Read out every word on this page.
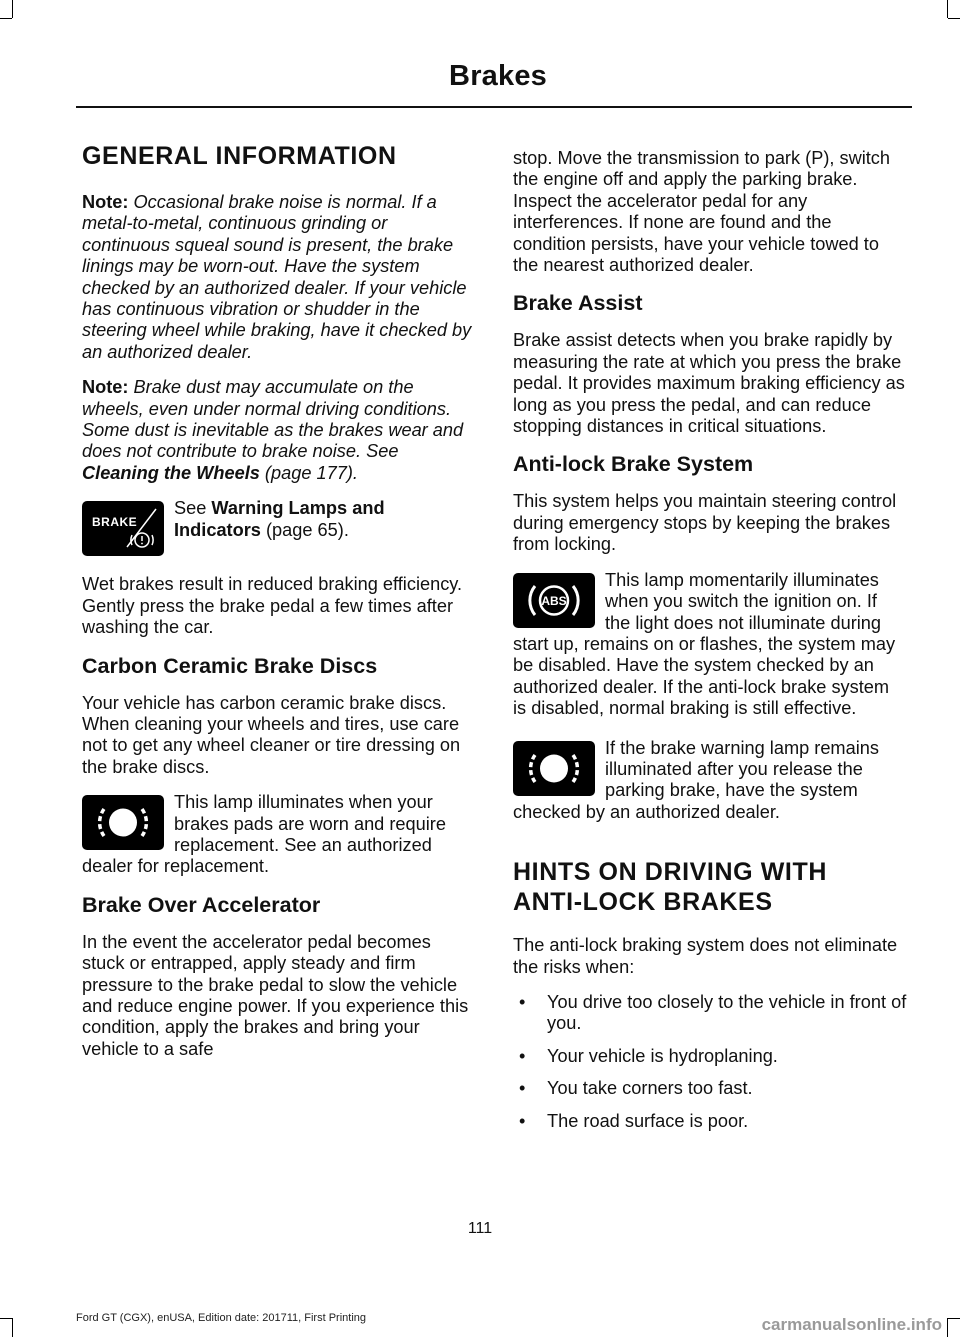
Brakes
GENERAL INFORMATION

Note: Occasional brake noise is normal. If a metal-to-metal, continuous grinding or continuous squeal sound is present, the brake linings may be worn-out. Have the system checked by an authorized dealer. If your vehicle has continuous vibration or shudder in the steering wheel while braking, have it checked by an authorized dealer.

Note: Brake dust may accumulate on the wheels, even under normal driving conditions. Some dust is inevitable as the brakes wear and does not contribute to brake noise. See Cleaning the Wheels (page 177).

BRAKE
See Warning Lamps and Indicators (page 65).

Wet brakes result in reduced braking efficiency. Gently press the brake pedal a few times after washing the car.

Carbon Ceramic Brake Discs

Your vehicle has carbon ceramic brake discs. When cleaning your wheels and tires, use care not to get any wheel cleaner or tire dressing on the brake discs.

This lamp illuminates when your brakes pads are worn and require replacement. See an authorized dealer for replacement.
Brake Over Accelerator

In the event the accelerator pedal becomes stuck or entrapped, apply steady and firm pressure to the brake pedal to slow the vehicle and reduce engine power. If you experience this condition, apply the brakes and bring your vehicle to a safe

stop. Move the transmission to park (P), switch the engine off and apply the parking brake. Inspect the accelerator pedal for any interferences. If none are found and the condition persists, have your vehicle towed to the nearest authorized dealer.

Brake Assist

Brake assist detects when you brake rapidly by measuring the rate at which you press the brake pedal. It provides maximum braking efficiency as long as you press the pedal, and can reduce stopping distances in critical situations.

Anti-lock Brake System

This system helps you maintain steering control during emergency stops by keeping the brakes from locking.

ABS
This lamp momentarily illuminates when you switch the ignition on. If the light does not illuminate during start up, remains on or flashes, the system may be disabled. Have the system checked by an authorized dealer. If the anti-lock brake system is disabled, normal braking is still effective.
If the brake warning lamp remains illuminated after you release the parking brake, have the system checked by an authorized dealer.
HINTS ON DRIVING WITH
ANTI-LOCK BRAKES

The anti-lock braking system does not eliminate the risks when:

• You drive too closely to the vehicle in front of you.
• Your vehicle is hydroplaning.
• You take corners too fast.
• The road surface is poor.
111
Ford GT (CGX), enUSA, Edition date: 201711, First Printing	carmanualsonline.info
